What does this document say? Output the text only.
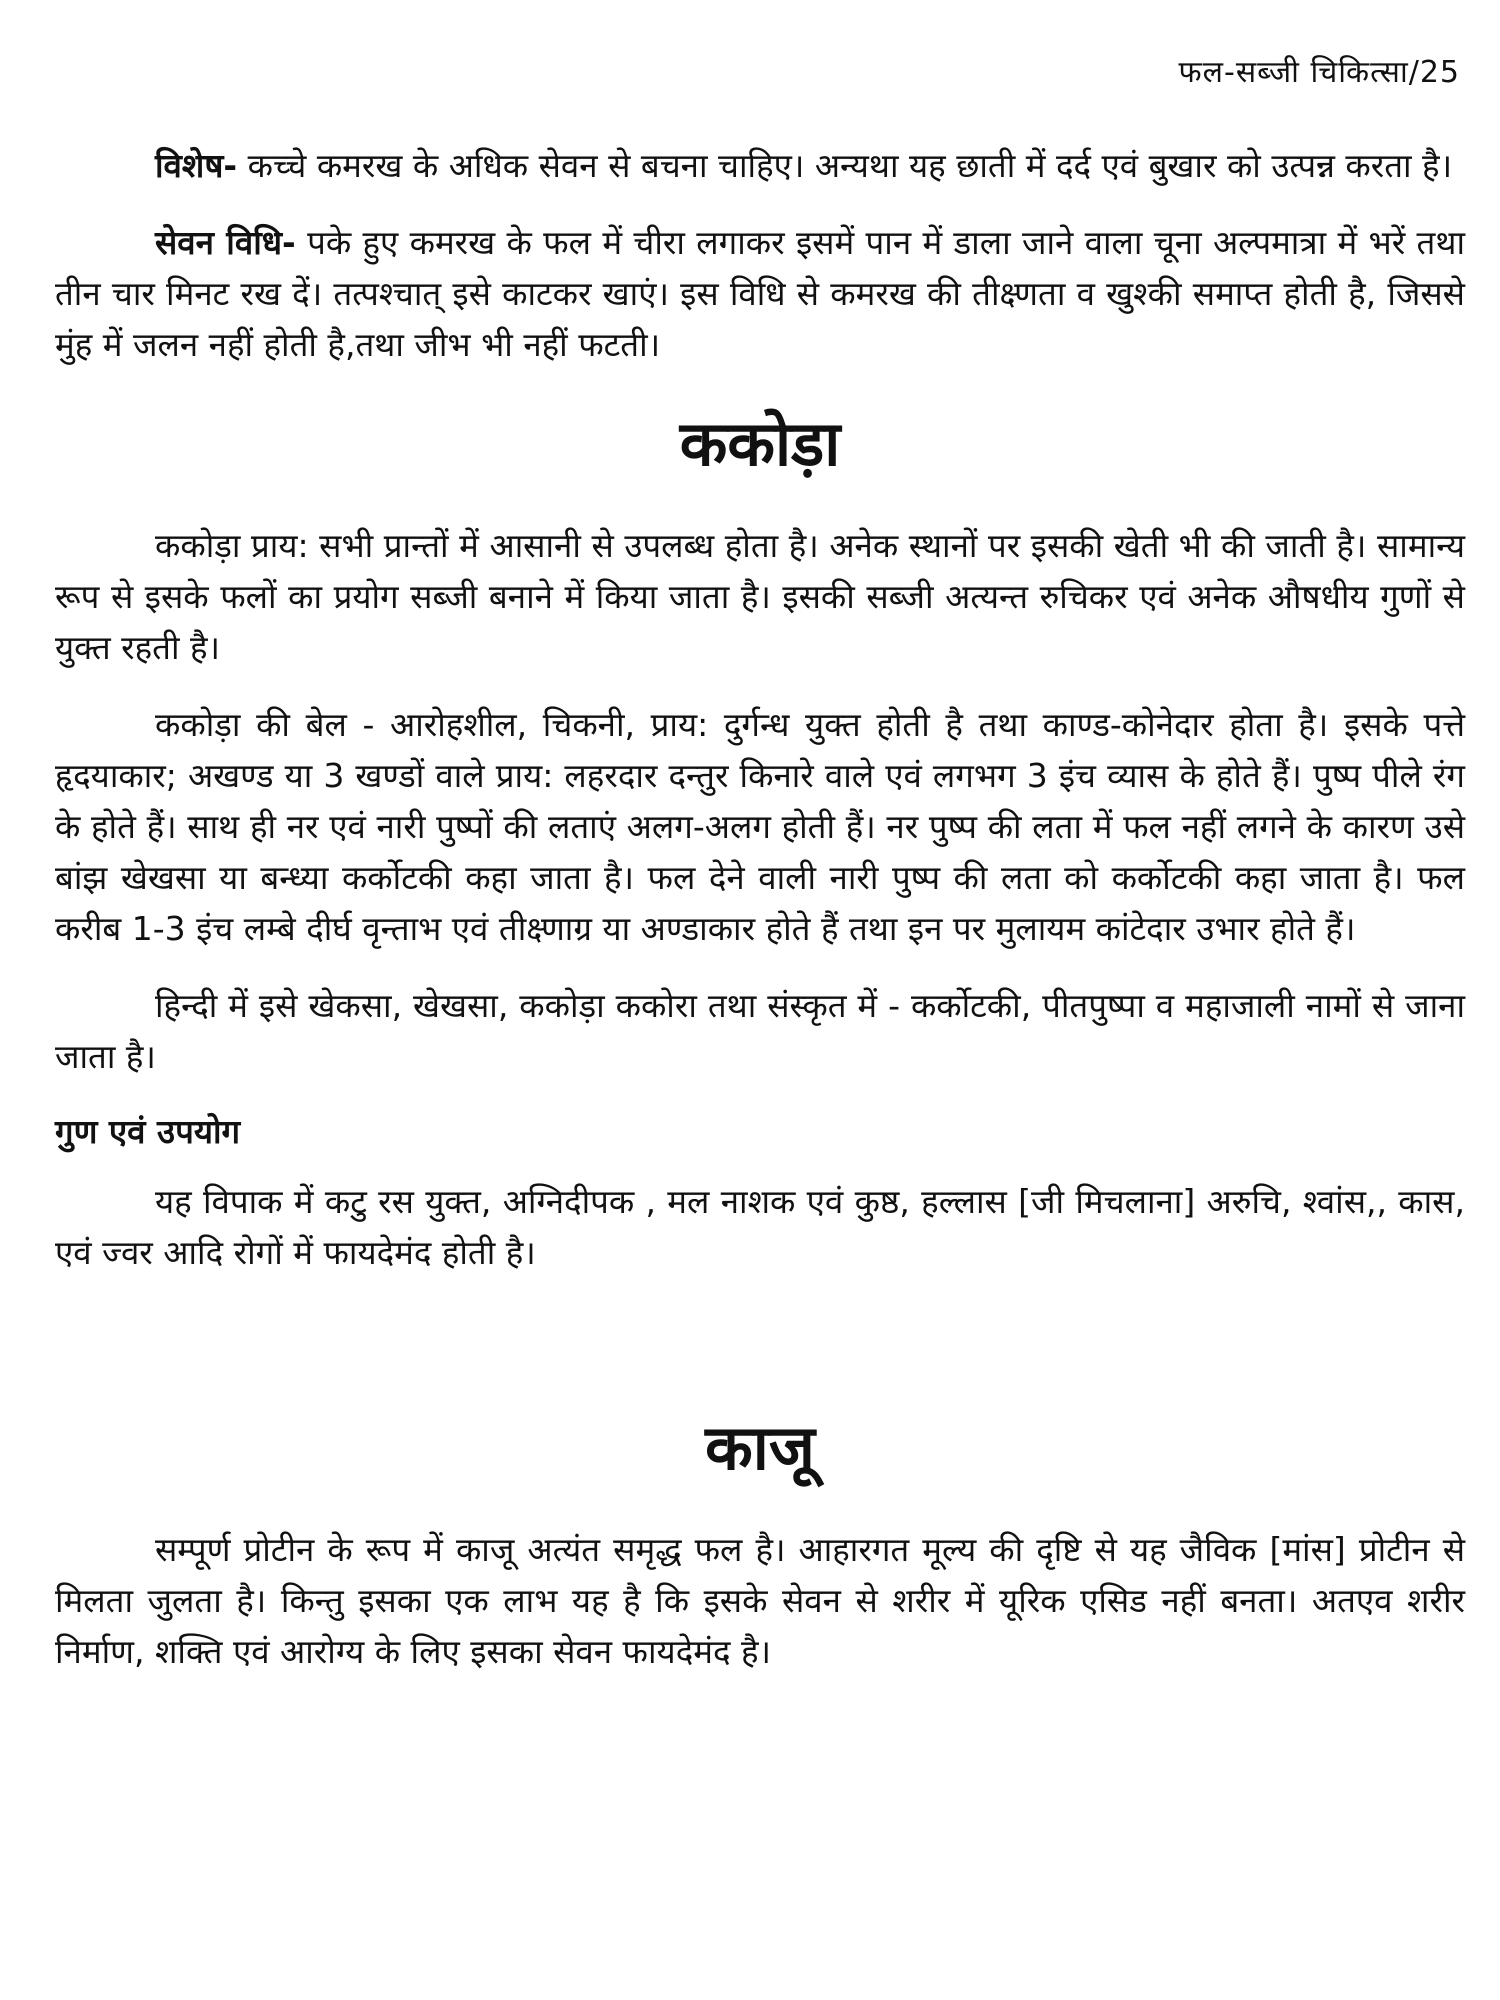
फल-सब्जी चिकित्सा/25

विशेष- कच्चे कमरख के अधिक सेवन से बचना चाहिए। अन्यथा यह छाती में दर्द एवं बुखार को उत्पन्न करता है।

सेवन विधि- पके हुए कमरख के फल में चीरा लगाकर इसमें पान में डाला जाने वाला चूना अल्पमात्रा में भरें तथा तीन चार मिनट रख दें। तत्पश्चात् इसे काटकर खाएं। इस विधि से कमरख की तीक्ष्णता व खुश्की समाप्त होती है, जिससे मुंह में जलन नहीं होती है,तथा जीभ भी नहीं फटती।

ककोड़ा

ककोड़ा प्राय: सभी प्रान्तों में आसानी से उपलब्ध होता है। अनेक स्थानों पर इसकी खेती भी की जाती है। सामान्य रूप से इसके फलों का प्रयोग सब्जी बनाने में किया जाता है। इसकी सब्जी अत्यन्त रुचिकर एवं अनेक औषधीय गुणों से युक्त रहती है।

ककोड़ा की बेल - आरोहशील, चिकनी, प्राय: दुर्गन्ध युक्त होती है तथा काण्ड-कोनेदार होता है। इसके पत्ते हृदयाकार; अखण्ड या 3 खण्डों वाले प्राय: लहरदार दन्तुर किनारे वाले एवं लगभग 3 इंच व्यास के होते हैं। पुष्प पीले रंग के होते हैं। साथ ही नर एवं नारी पुष्पों की लताएं अलग-अलग होती हैं। नर पुष्प की लता में फल नहीं लगने के कारण उसे बांझ खेखसा या बन्ध्या कर्कोटकी कहा जाता है। फल देने वाली नारी पुष्प की लता को कर्कोटकी कहा जाता है। फल करीब 1-3 इंच लम्बे दीर्घ वृन्ताभ एवं तीक्ष्णाग्र या अण्डाकार होते हैं तथा इन पर मुलायम कांटेदार उभार होते हैं।

हिन्दी में इसे खेकसा, खेखसा, ककोड़ा ककोरा तथा संस्कृत में - कर्कोटकी, पीतपुष्पा व महाजाली नामों से जाना जाता है।

गुण एवं उपयोग

यह विपाक में कटु रस युक्त, अग्निदीपक , मल नाशक एवं कुष्ठ, हल्लास [जी मिचलाना] अरुचि, श्वांस,, कास, एवं ज्वर आदि रोगों में फायदेमंद होती है।

काजू

सम्पूर्ण प्रोटीन के रूप में काजू अत्यंत समृद्ध फल है। आहारगत मूल्य की दृष्टि से यह जैविक [मांस] प्रोटीन से मिलता जुलता है। किन्तु इसका एक लाभ यह है कि इसके सेवन से शरीर में यूरिक एसिड नहीं बनता। अतएव शरीर निर्माण, शक्ति एवं आरोग्य के लिए इसका सेवन फायदेमंद है।
